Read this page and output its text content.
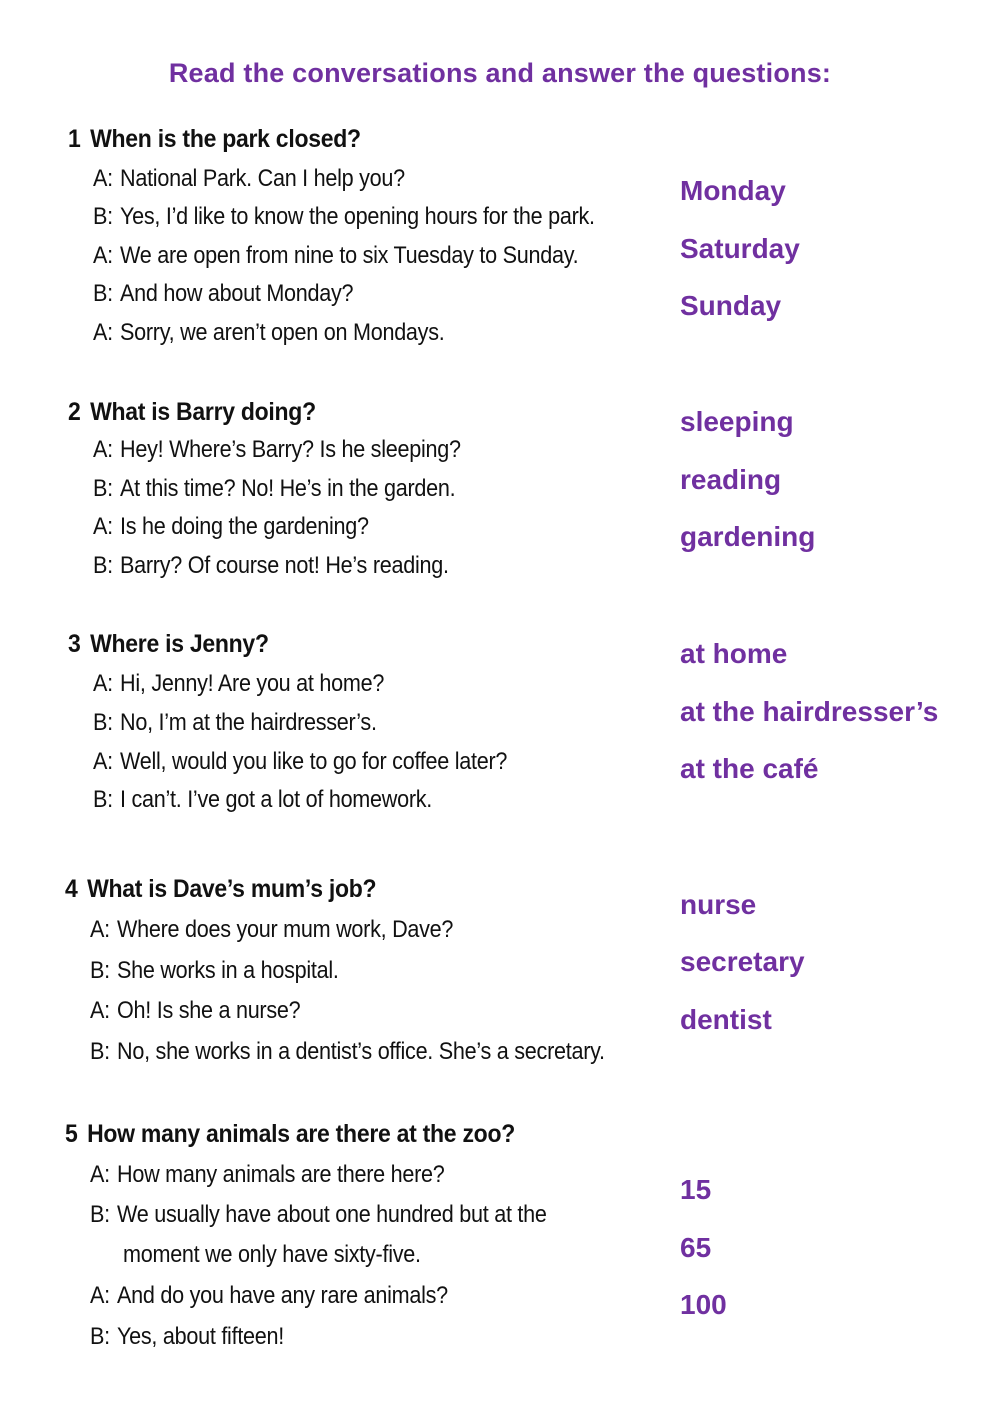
Read the conversations and answer the questions:
1 When is the park closed?
A: National Park. Can I help you?
B: Yes, I’d like to know the opening hours for the park.
A: We are open from nine to six Tuesday to Sunday.
B: And how about Monday?
A: Sorry, we aren’t open on Mondays.
Monday
Saturday
Sunday
2 What is Barry doing?
A: Hey! Where’s Barry? Is he sleeping?
B: At this time? No! He’s in the garden.
A: Is he doing the gardening?
B: Barry? Of course not! He’s reading.
sleeping
reading
gardening
3 Where is Jenny?
A: Hi, Jenny! Are you at home?
B: No, I’m at the hairdresser’s.
A: Well, would you like to go for coffee later?
B: I can’t. I’ve got a lot of homework.
at home
at the hairdresser’s
at the café
4 What is Dave’s mum’s job?
A: Where does your mum work, Dave?
B: She works in a hospital.
A: Oh! Is she a nurse?
B: No, she works in a dentist’s office. She’s a secretary.
nurse
secretary
dentist
5 How many animals are there at the zoo?
A: How many animals are there here?
B: We usually have about one hundred but at the
moment we only have sixty-five.
A: And do you have any rare animals?
B: Yes, about fifteen!
15
65
100
